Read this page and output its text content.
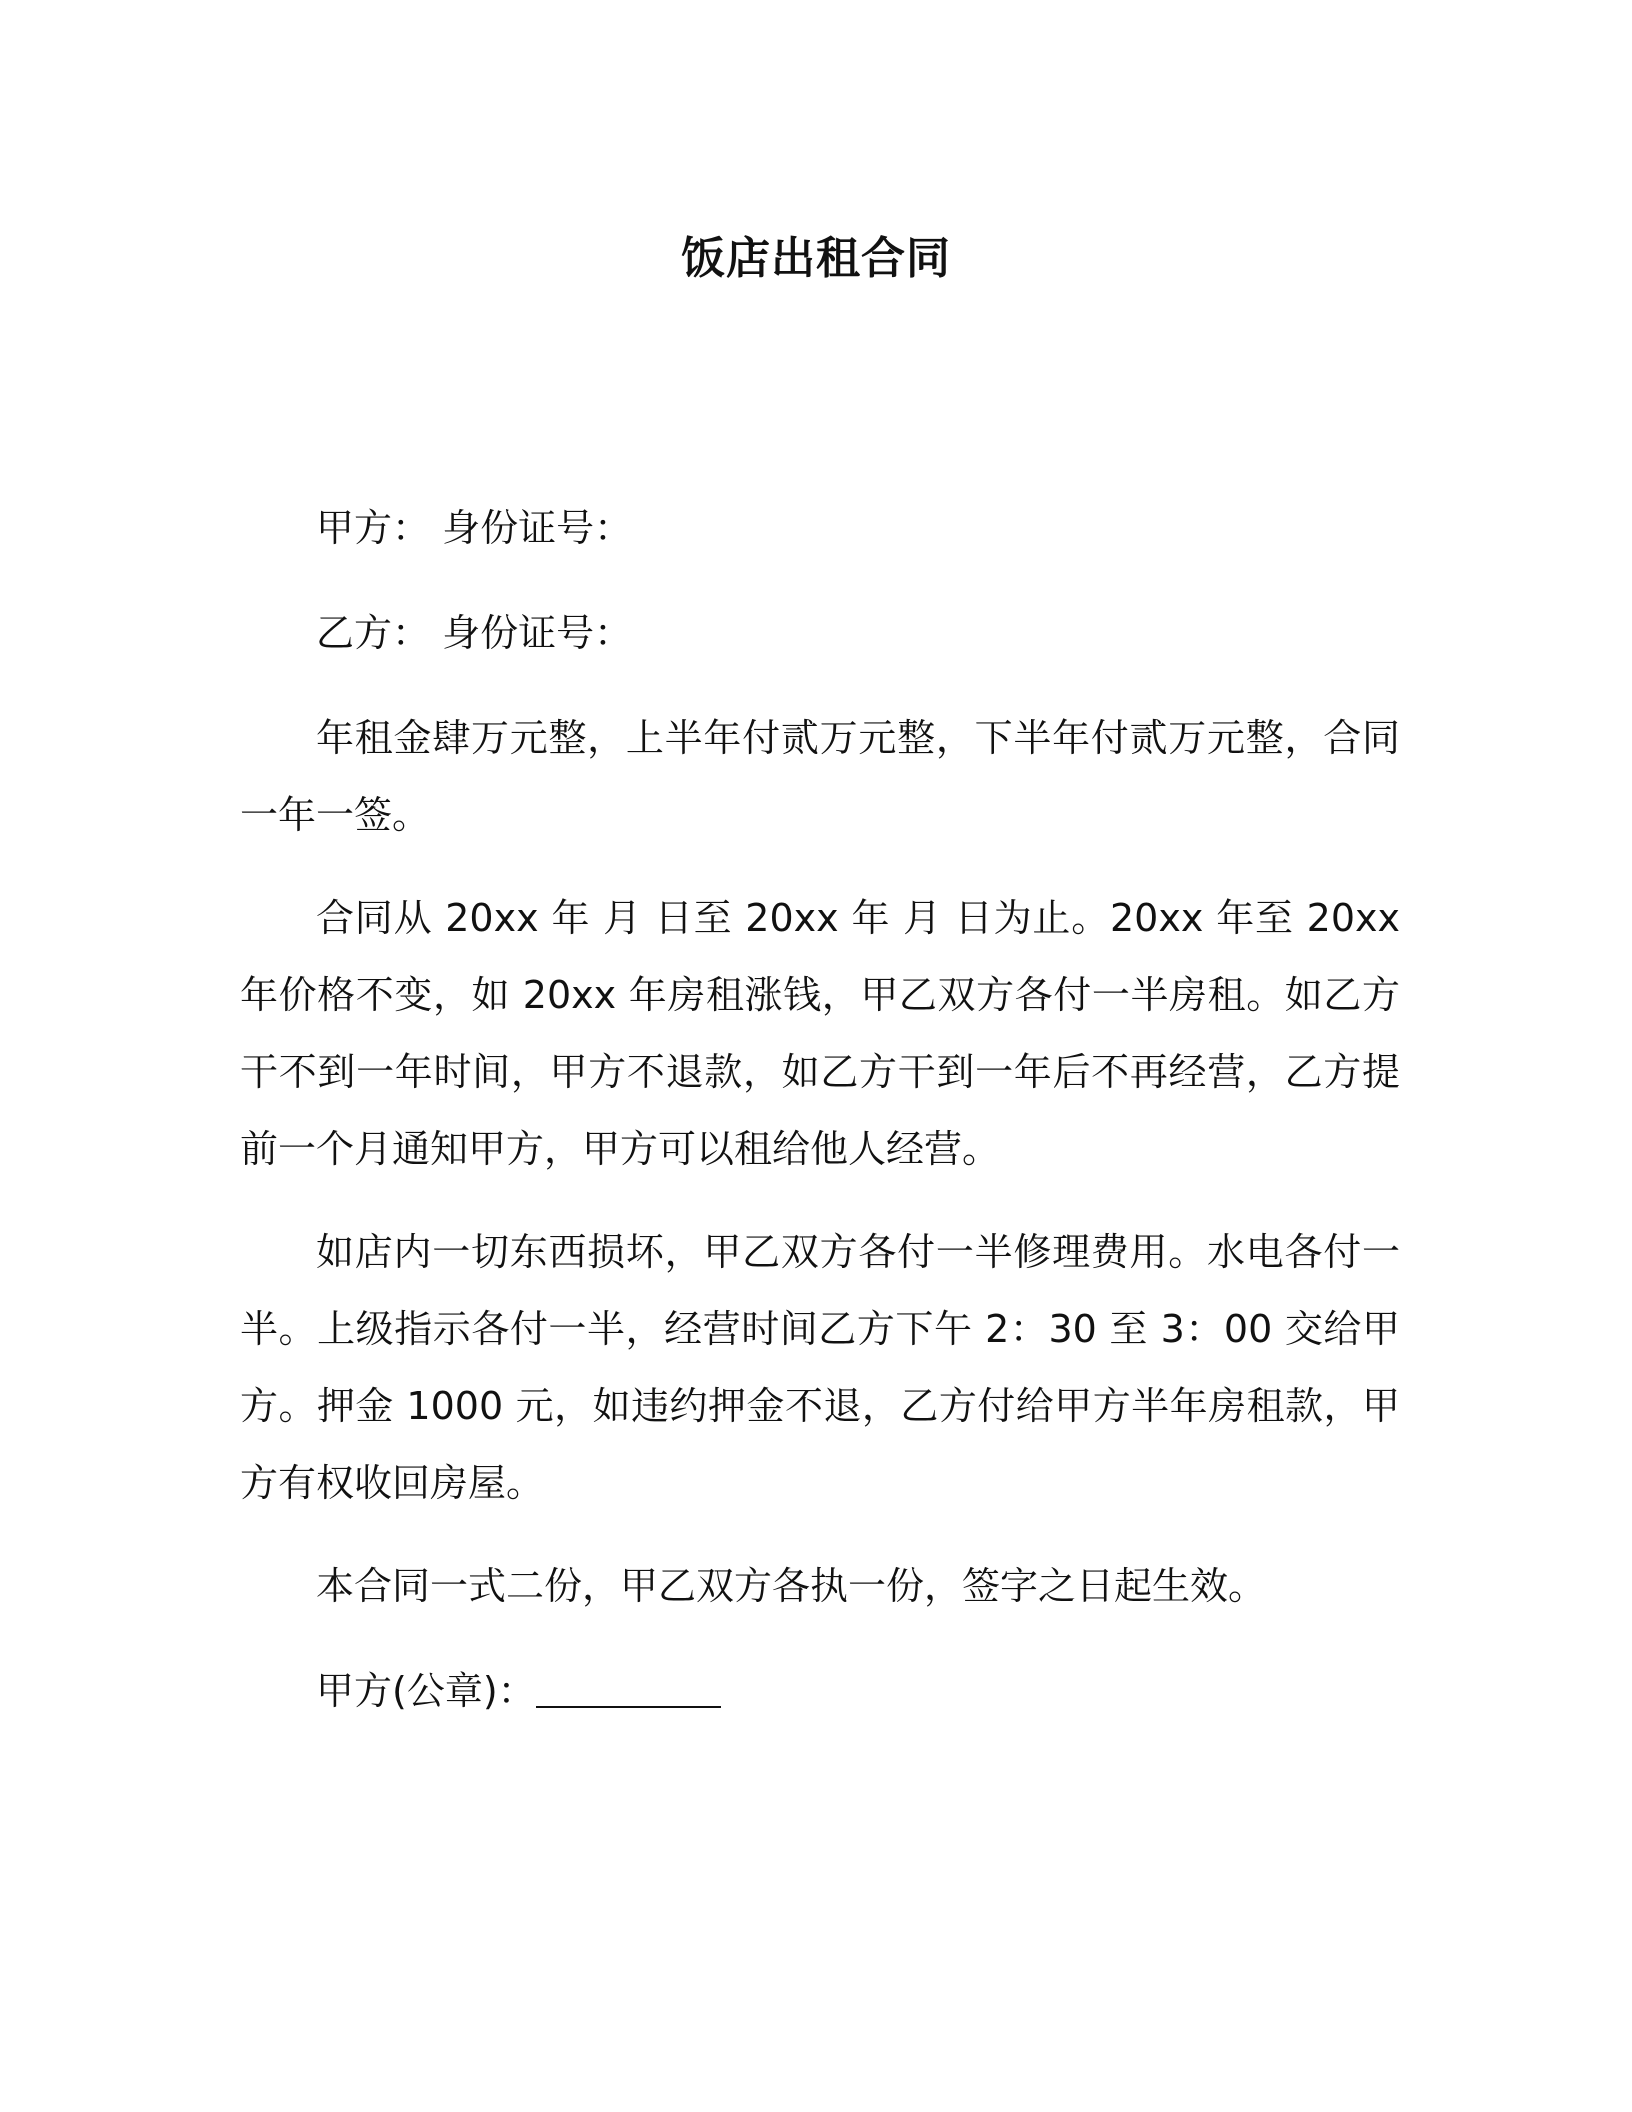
饭店出租合同

甲方： 身份证号：

乙方： 身份证号：

年租金肆万元整，上半年付贰万元整，下半年付贰万元整，合同一年一签。

合同从 20xx 年 月 日至 20xx 年 月 日为止。20xx 年至 20xx 年价格不变，如 20xx 年房租涨钱，甲乙双方各付一半房租。如乙方干不到一年时间，甲方不退款，如乙方干到一年后不再经营，乙方提前一个月通知甲方，甲方可以租给他人经营。

如店内一切东西损坏，甲乙双方各付一半修理费用。水电各付一半。上级指示各付一半，经营时间乙方下午 2：30 至 3：00 交给甲方。押金 1000 元，如违约押金不退，乙方付给甲方半年房租款，甲方有权收回房屋。

本合同一式二份，甲乙双方各执一份，签字之日起生效。

甲方(公章)：
